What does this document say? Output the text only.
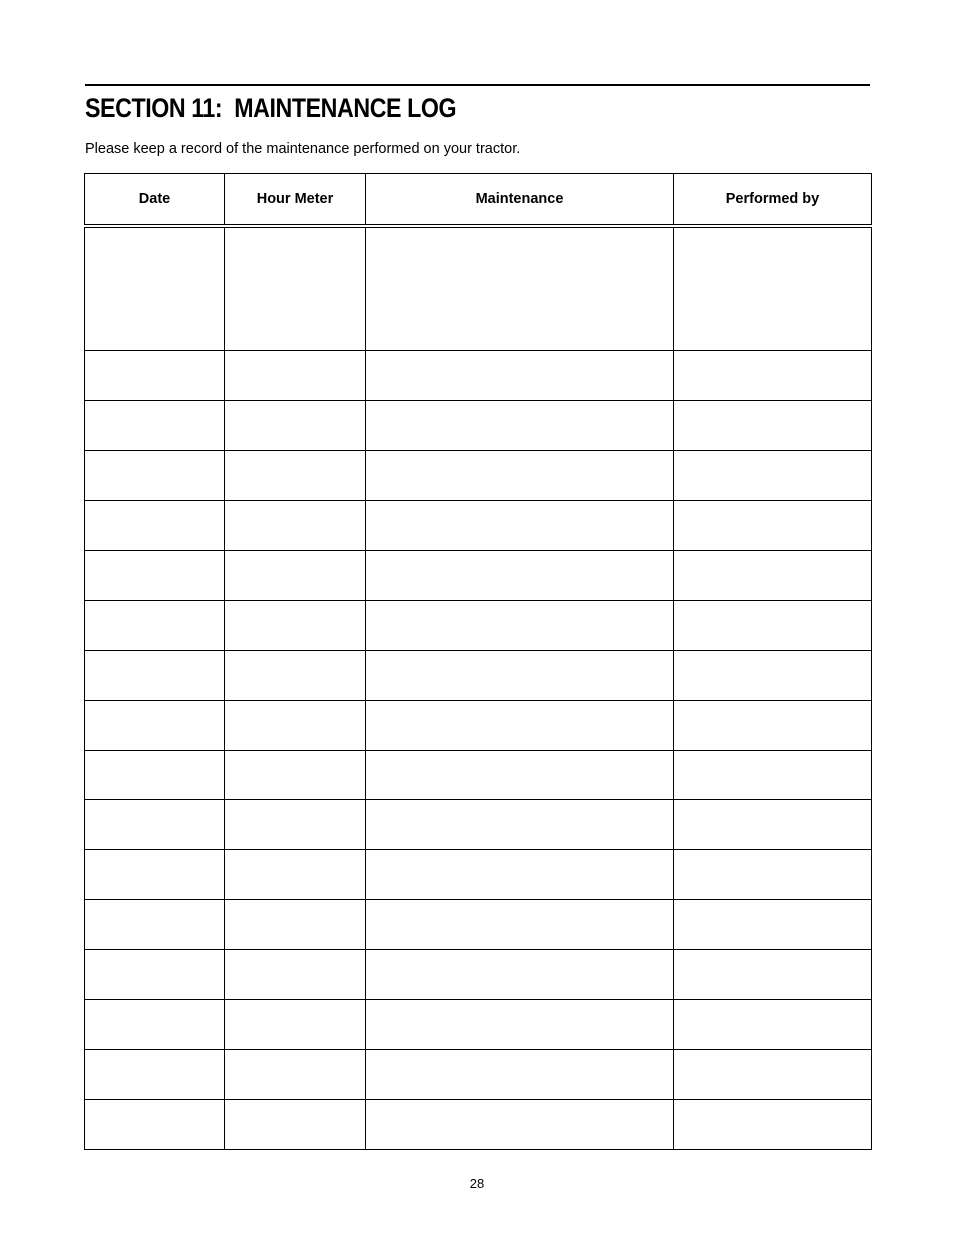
SECTION 11:  MAINTENANCE LOG

Please keep a record of the maintenance performed on your tractor.

Date	Hour Meter	Maintenance	Performed by

28
